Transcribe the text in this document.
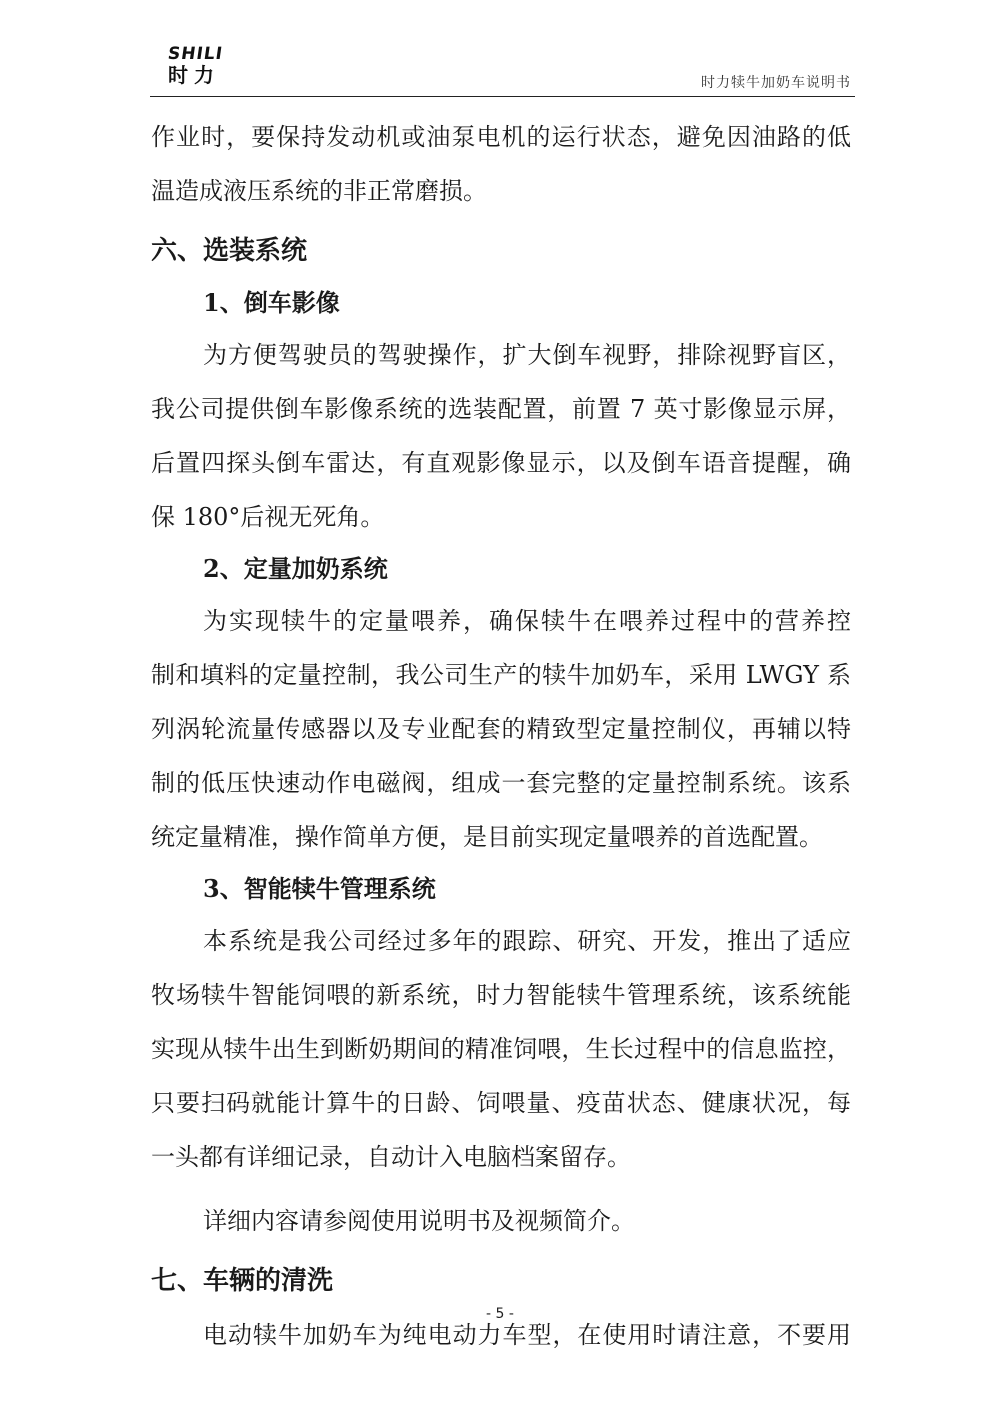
SHILI
时力	时力犊牛加奶车说明书

作业时，要保持发动机或油泵电机的运行状态，避免因油路的低
温造成液压系统的非正常磨损。

六、选装系统
1、倒车影像

为方便驾驶员的驾驶操作，扩大倒车视野，排除视野盲区，
我公司提供倒车影像系统的选装配置，前置 7 英寸影像显示屏，
后置四探头倒车雷达，有直观影像显示，以及倒车语音提醒，确
保 180°后视无死角。

2、定量加奶系统

为实现犊牛的定量喂养，确保犊牛在喂养过程中的营养控
制和填料的定量控制，我公司生产的犊牛加奶车，采用 LWGY 系
列涡轮流量传感器以及专业配套的精致型定量控制仪，再辅以特
制的低压快速动作电磁阀，组成一套完整的定量控制系统。该系
统定量精准，操作简单方便，是目前实现定量喂养的首选配置。

3、智能犊牛管理系统

本系统是我公司经过多年的跟踪、研究、开发，推出了适应
牧场犊牛智能饲喂的新系统，时力智能犊牛管理系统，该系统能
实现从犊牛出生到断奶期间的精准饲喂，生长过程中的信息监控，
只要扫码就能计算牛的日龄、饲喂量、疫苗状态、健康状况，每
一头都有详细记录，自动计入电脑档案留存。

详细内容请参阅使用说明书及视频简介。

七、车辆的清洗

电动犊牛加奶车为纯电动力车型，在使用时请注意，不要用

- 5 -
